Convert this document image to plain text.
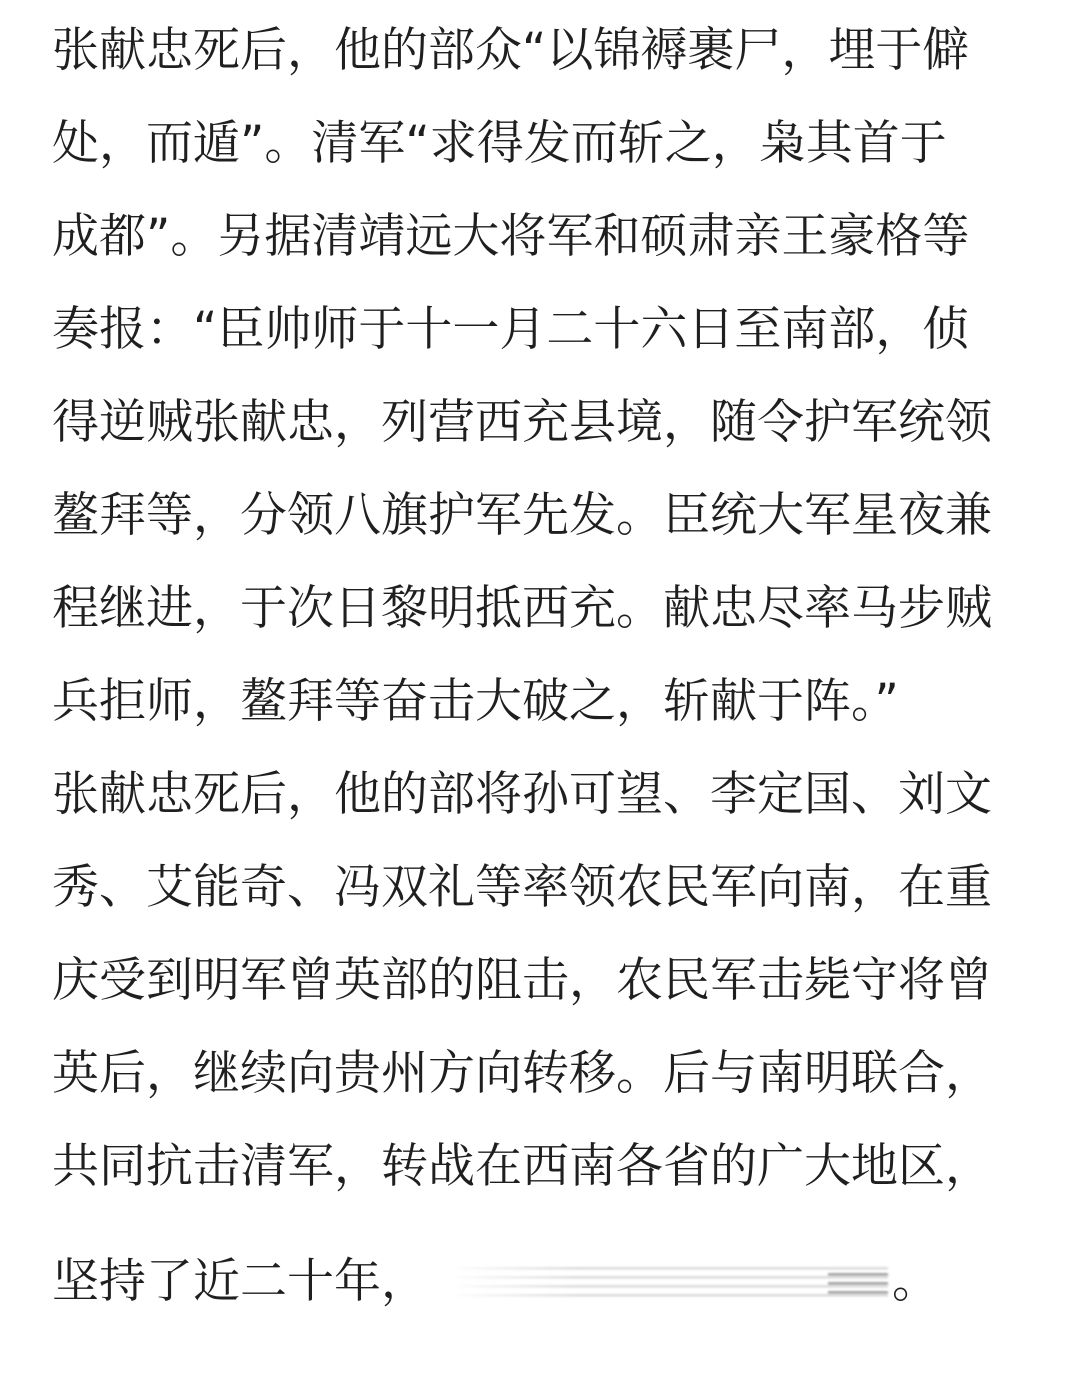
张献忠死后，他的部众“以锦褥裹尸，埋于僻
处，而遁”。清军“求得发而斩之，枭其首于
成都”。另据清靖远大将军和硕肃亲王豪格等
奏报：“臣帅师于十一月二十六日至南部，侦
得逆贼张献忠，列营西充县境，随令护军统领
鳌拜等，分领八旗护军先发。臣统大军星夜兼
程继进，于次日黎明抵西充。献忠尽率马步贼
兵拒师，鳌拜等奋击大破之，斩献于阵。”
张献忠死后，他的部将孙可望、李定国、刘文
秀、艾能奇、冯双礼等率领农民军向南，在重
庆受到明军曾英部的阻击，农民军击毙守将曾
英后，继续向贵州方向转移。后与南明联合，
共同抗击清军，转战在西南各省的广大地区，
坚持了近二十年，	。
